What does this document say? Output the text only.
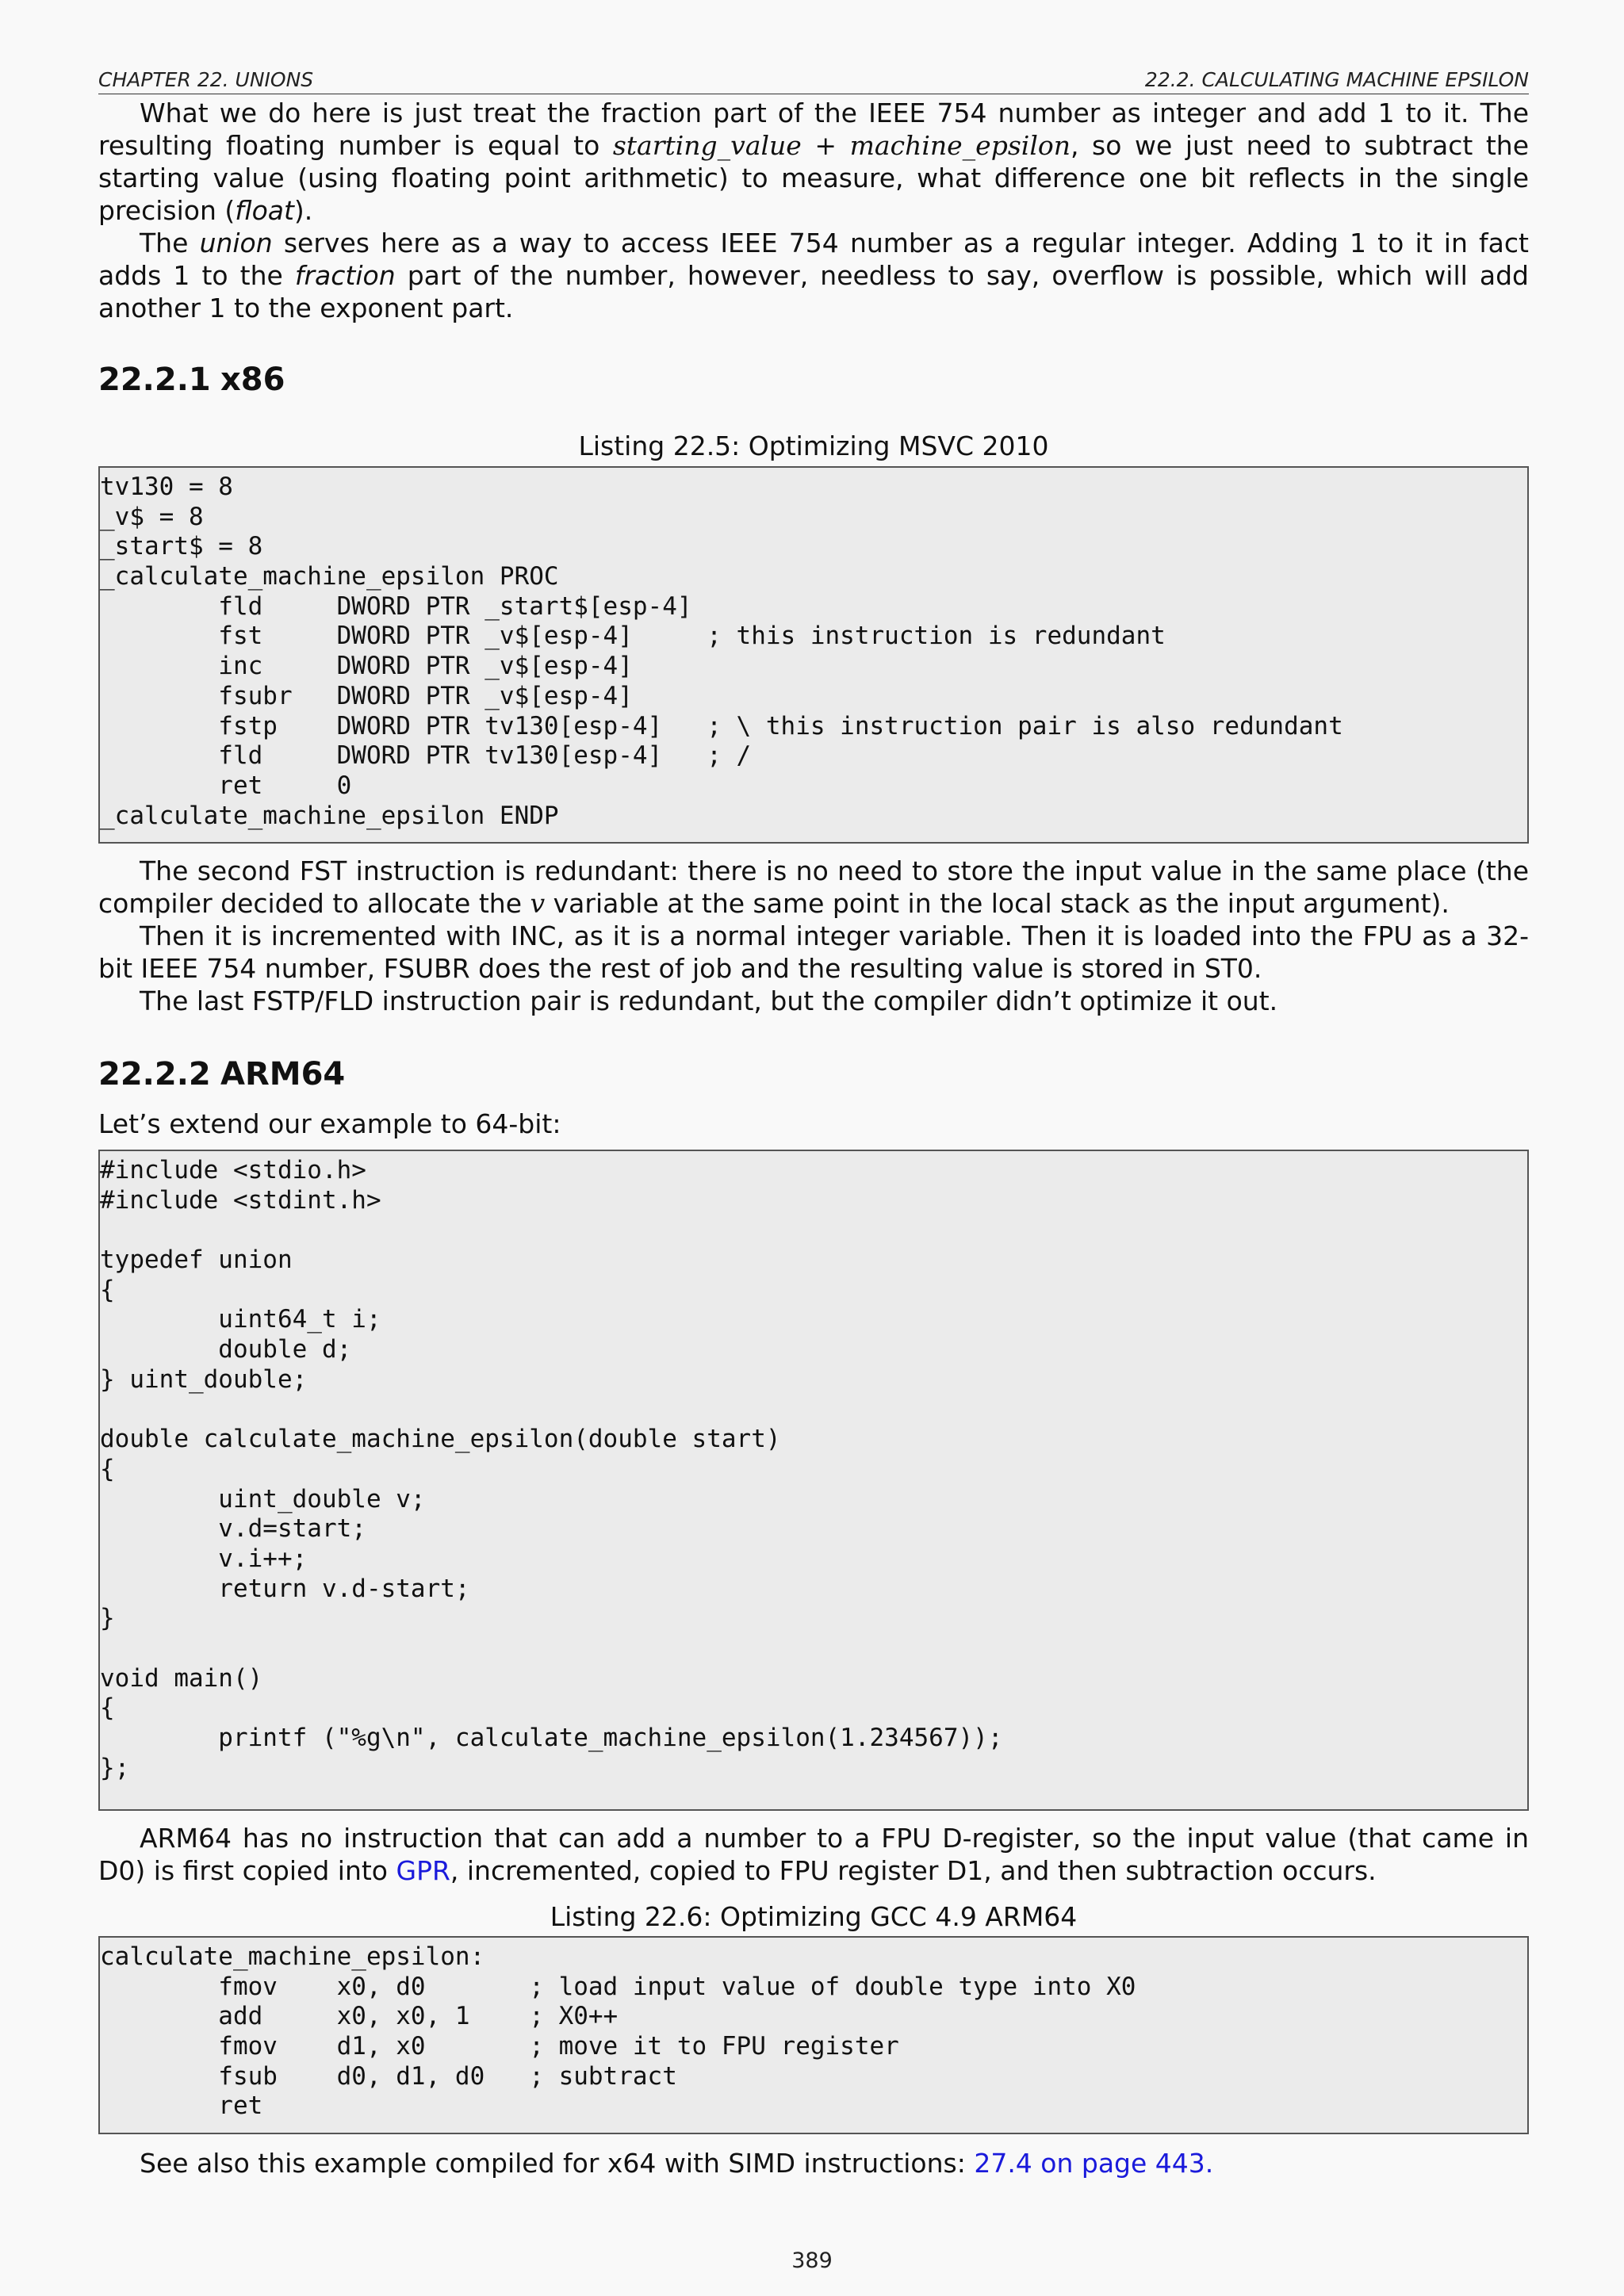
CHAPTER 22. UNIONS	22.2. CALCULATING MACHINE EPSILON

What we do here is just treat the fraction part of the IEEE 754 number as integer and add 1 to it. The resulting floating number is equal to starting_value + machine_epsilon, so we just need to subtract the starting value (using floating point arithmetic) to measure, what difference one bit reflects in the single precision (float).

The union serves here as a way to access IEEE 754 number as a regular integer. Adding 1 to it in fact adds 1 to the fraction part of the number, however, needless to say, overflow is possible, which will add another 1 to the exponent part.

22.2.1 x86
Listing 22.5: Optimizing MSVC 2010
tv130 = 8
_v$ = 8
_start$ = 8
_calculate_machine_epsilon PROC
fld     DWORD PTR _start$[esp-4]
fst     DWORD PTR _v$[esp-4]     ; this instruction is redundant
inc     DWORD PTR _v$[esp-4]
fsubr   DWORD PTR _v$[esp-4]
fstp    DWORD PTR tv130[esp-4]   ; \ this instruction pair is also redundant
fld     DWORD PTR tv130[esp-4]   ; /
ret     0
_calculate_machine_epsilon ENDP

The second FST instruction is redundant: there is no need to store the input value in the same place (the compiler decided to allocate the v variable at the same point in the local stack as the input argument).

Then it is incremented with INC, as it is a normal integer variable. Then it is loaded into the FPU as a 32-bit IEEE 754 number, FSUBR does the rest of job and the resulting value is stored in ST0.

The last FSTP/FLD instruction pair is redundant, but the compiler didn’t optimize it out.

22.2.2 ARM64

Let’s extend our example to 64-bit:

#include <stdio.h>
#include <stdint.h>

typedef union
{
uint64_t i;
double d;
} uint_double;

double calculate_machine_epsilon(double start)
{
uint_double v;
v.d=start;
v.i++;
return v.d-start;
}

void main()
{
printf ("%g\n", calculate_machine_epsilon(1.234567));
};

ARM64 has no instruction that can add a number to a FPU D-register, so the input value (that came in D0) is first copied into GPR, incremented, copied to FPU register D1, and then subtraction occurs.

Listing 22.6: Optimizing GCC 4.9 ARM64
calculate_machine_epsilon:
fmov    x0, d0       ; load input value of double type into X0
add     x0, x0, 1    ; X0++
fmov    d1, x0       ; move it to FPU register
fsub    d0, d1, d0   ; subtract
ret

See also this example compiled for x64 with SIMD instructions: 27.4 on page 443.

389
